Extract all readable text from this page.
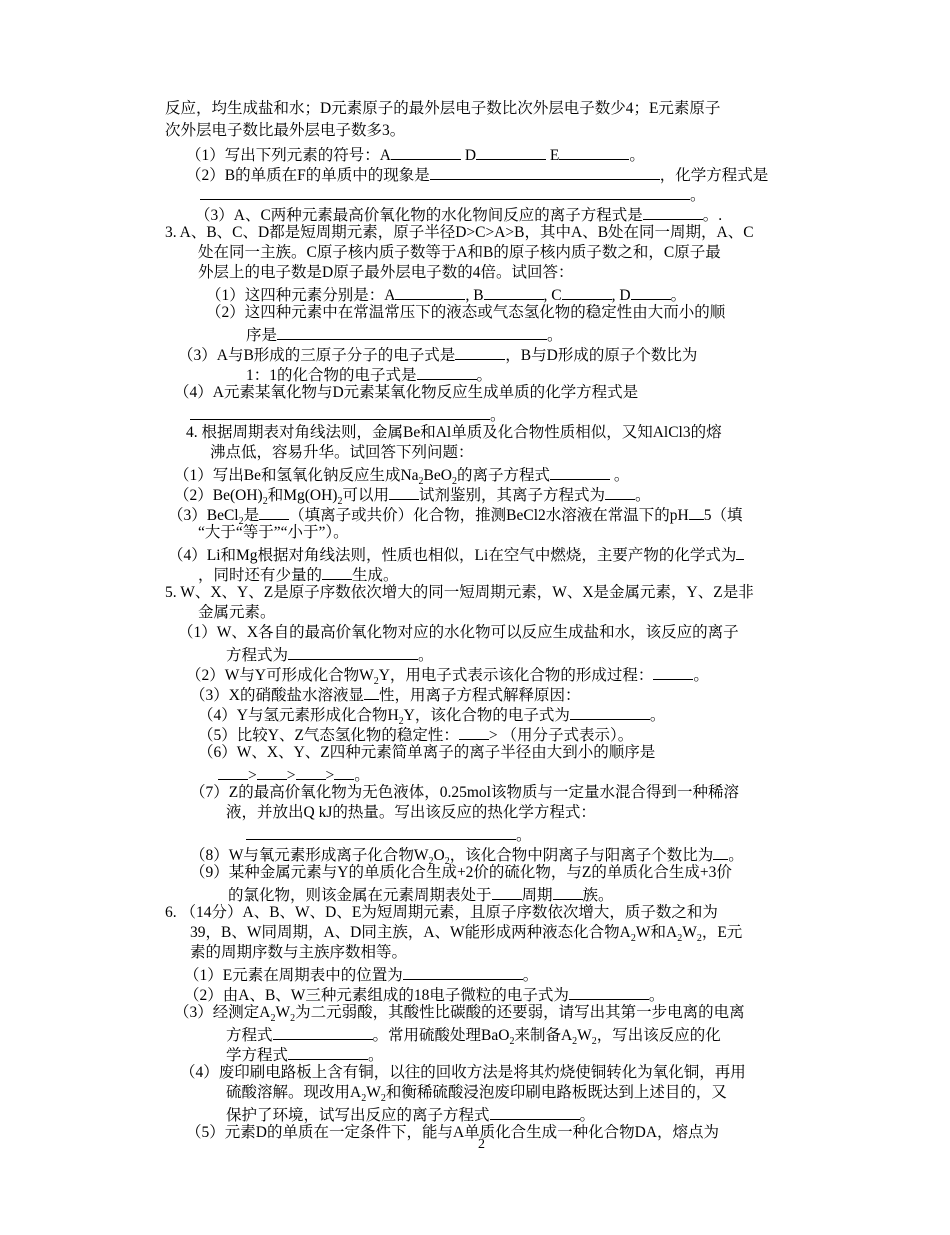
反应，均生成盐和水；D元素原子的最外层电子数比次外层电子数少4；E元素原子
次外层电子数比最外层电子数多3。
（1）写出下列元素的符号：A	D	E	。
（2）B的单质在F的单质中的现象是	，化学方程式是
。
（3）A、C两种元素最高价氧化物的水化物间反应的离子方程式是	。.
3. A、B、C、D都是短周期元素，原子半径D>C>A>B，其中A、B处在同一周期，A、C
处在同一主族。C原子核内质子数等于A和B的原子核内质子数之和，C原子最
外层上的电子数是D原子最外层电子数的4倍。试回答：
（1）这四种元素分别是：A	, B	, C	, D	。
（2）这四种元素中在常温常压下的液态或气态氢化物的稳定性由大而小的顺
序是	。
（3）A与B形成的三原子分子的电子式是	，B与D形成的原子个数比为
1：1的化合物的电子式是	。
（4）A元素某氧化物与D元素某氧化物反应生成单质的化学方程式是
。
4. 根据周期表对角线法则，金属Be和Al单质及化合物性质相似，又知AlCl3的熔
沸点低，容易升华。试回答下列问题：
（1）写出Be和氢氧化钠反应生成$Na_2BeO_2$的离子方程式	。
$(2)Be(OH)_2$和$Mg(OH)_2$可以用 试剂鉴别，其离子方程式为 。
（3）BeCl$_2$是 （填离子或共价）化合物，推测BeCl2水溶液在常温下的pH 5（填
“大于“等于”“小于”）。
（4）Li和Mg根据对角线法则，性质也相似，Li在空气中燃烧，主要产物的化学式为
，同时还有少量的 生成。
5. W、X、Y、Z是原子序数依次增大的同一短周期元素，W、X是金属元素，Y、Z是非
金属元素。
（1）W、X各自的最高价氧化物对应的水化物可以反应生成盐和水，该反应的离子
方程式为	。
（2）W与Y可形成化合物$W_2Y$，用电子式表示该化合物的形成过程：	。
（3）X的硝酸盐水溶液显 性，用离子方程式解释原因：
（4）Y与氢元素形成化合物$H_2Y$，该化合物的电子式为	。
（5）比较Y、Z气态氢化物的稳定性： > （用分子式表示）。
（6）W、X、Y、Z四种元素简单离子的离子半径由大到小的顺序是
> > > 。
（7）Z的最高价氧化物为无色液体，0.25mol该物质与一定量水混合得到一种稀溶
液，并放出Q kJ的热量。写出该反应的热化学方程式：
。
（8）W与氧元素形成离子化合物$W_2O_2$，该化合物中阴离子与阳离子个数比为 。
（9）某种金属元素与Y的单质化合生成+2价的硫化物，与Z的单质化合生成+3价
的氯化物，则该金属在元素周期表处于 周期 族。
6. （14分）A、B、W、D、E为短周期元素，且原子序数依次增大，质子数之和为
39，B、W同周期，A、D同主族，A、W能形成两种液态化合物$A_2W$和$A_2W_2$，E元
素的周期序数与主族序数相等。
（1）E元素在周期表中的位置为	。
（2）由A、B、W三种元素组成的18电子微粒的电子式为	。
（3）经测定$A_2W_2$为二元弱酸，其酸性比碳酸的还要弱，请写出其第一步电离的电离
方程式	。常用硫酸处理BaO$_2$来制备$A_2W_2$，写出该反应的化
学方程式	。
（4）废印刷电路板上含有铜，以往的回收方法是将其灼烧使铜转化为氧化铜，再用
硫酸溶解。现改用$A_2W_2$和衡稀硫酸浸泡废印刷电路板既达到上述目的，又
保护了环境，试写出反应的离子方程式	。
（5）元素D的单质在一定条件下，能与A单质化合生成一种化合物DA，熔点为
2
